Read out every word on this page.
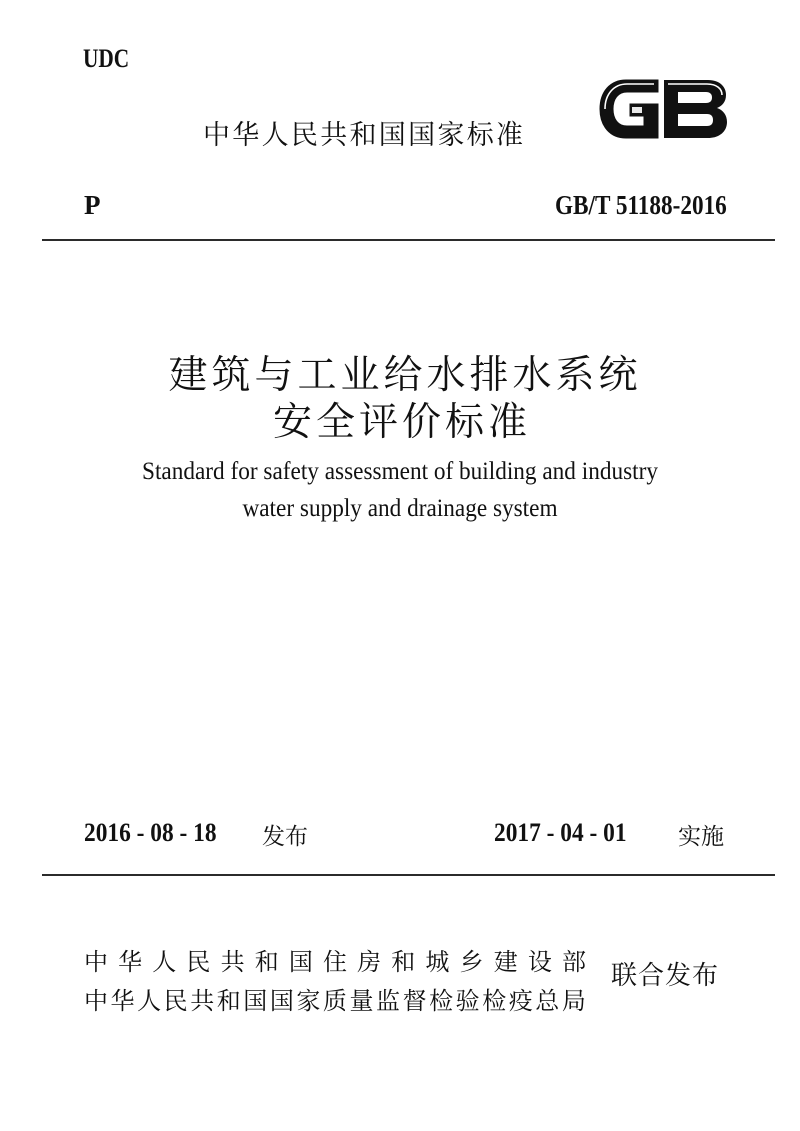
UDC
中华人民共和国国家标准
P	GB/T 51188-2016
建筑与工业给水排水系统
安全评价标准
Standard for safety assessment of building and industry
water supply and drainage system
2016 - 08 - 18 发布	2017 - 04 - 01 实施
中 华 人 民 共 和 国 住 房 和 城 乡 建 设 部
中 华 人 民 共 和 国 国 家 质 量 监 督 检 验 检 疫 总 局
联合发布
